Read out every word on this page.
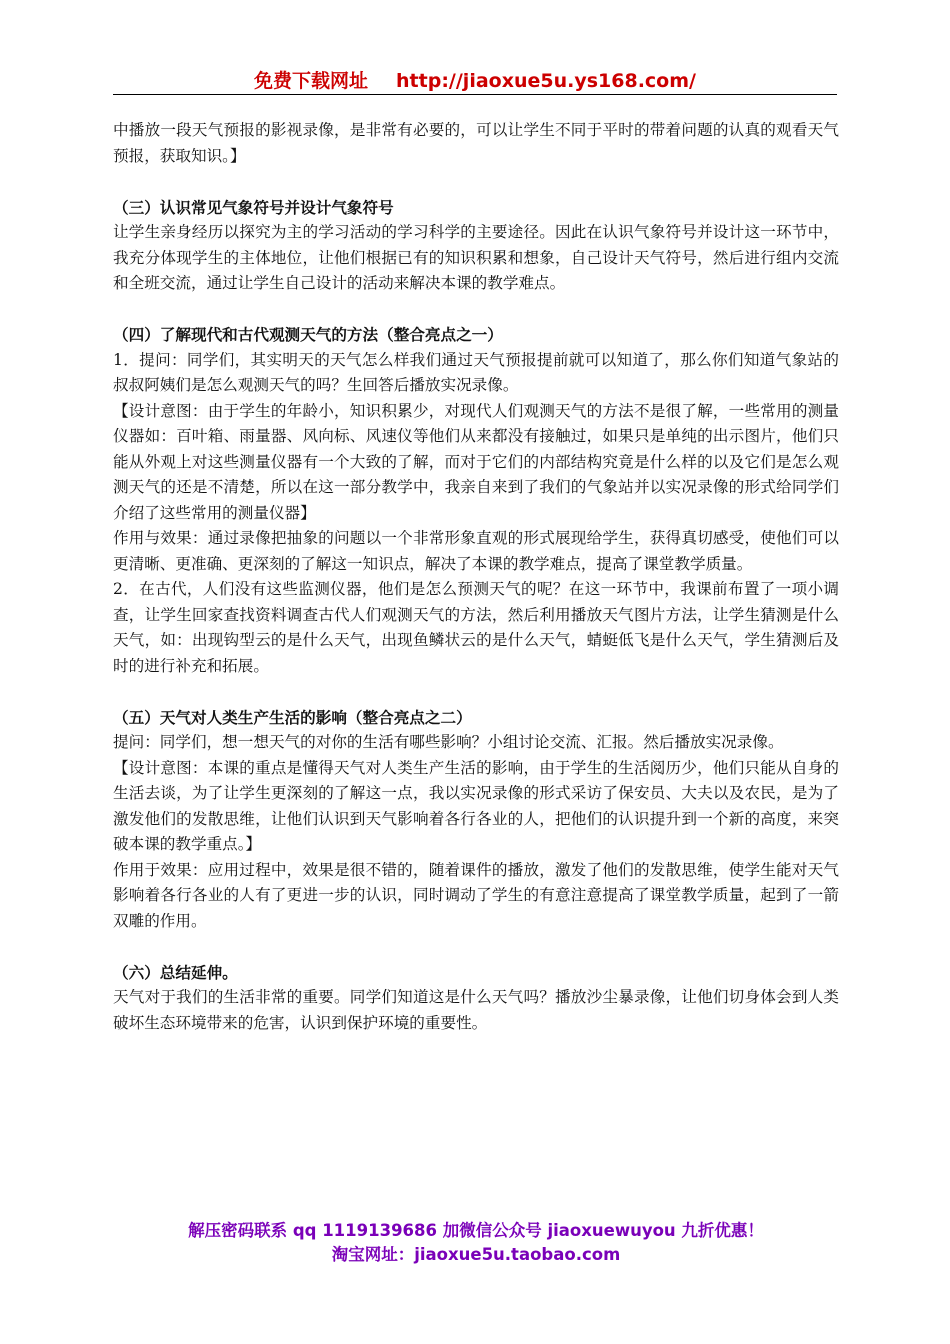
免费下载网址 http://jiaoxue5u.ys168.com/

中播放一段天气预报的影视录像，是非常有必要的，可以让学生不同于平时的带着问题的认真的观看天气预报，获取知识。】

（三）认识常见气象符号并设计气象符号

让学生亲身经历以探究为主的学习活动的学习科学的主要途径。因此在认识气象符号并设计这一环节中，我充分体现学生的主体地位，让他们根据已有的知识积累和想象，自己设计天气符号，然后进行组内交流和全班交流，通过让学生自己设计的活动来解决本课的教学难点。

（四）了解现代和古代观测天气的方法（整合亮点之一）

1．提问：同学们，其实明天的天气怎么样我们通过天气预报提前就可以知道了，那么你们知道气象站的叔叔阿姨们是怎么观测天气的吗？生回答后播放实况录像。

【设计意图：由于学生的年龄小，知识积累少，对现代人们观测天气的方法不是很了解，一些常用的测量仪器如：百叶箱、雨量器、风向标、风速仪等他们从来都没有接触过，如果只是单纯的出示图片，他们只能从外观上对这些测量仪器有一个大致的了解，而对于它们的内部结构究竟是什么样的以及它们是怎么观测天气的还是不清楚，所以在这一部分教学中，我亲自来到了我们的气象站并以实况录像的形式给同学们介绍了这些常用的测量仪器】

作用与效果：通过录像把抽象的问题以一个非常形象直观的形式展现给学生，获得真切感受，使他们可以更清晰、更准确、更深刻的了解这一知识点，解决了本课的教学难点，提高了课堂教学质量。

2．在古代，人们没有这些监测仪器，他们是怎么预测天气的呢？在这一环节中，我课前布置了一项小调查，让学生回家查找资料调查古代人们观测天气的方法，然后利用播放天气图片方法，让学生猜测是什么天气，如：出现钩型云的是什么天气，出现鱼鳞状云的是什么天气，蜻蜓低飞是什么天气，学生猜测后及时的进行补充和拓展。

（五）天气对人类生产生活的影响（整合亮点之二）

提问：同学们，想一想天气的对你的生活有哪些影响？小组讨论交流、汇报。然后播放实况录像。

【设计意图：本课的重点是懂得天气对人类生产生活的影响，由于学生的生活阅历少，他们只能从自身的生活去谈，为了让学生更深刻的了解这一点，我以实况录像的形式采访了保安员、大夫以及农民，是为了激发他们的发散思维，让他们认识到天气影响着各行各业的人，把他们的认识提升到一个新的高度，来突破本课的教学重点。】

作用于效果：应用过程中，效果是很不错的，随着课件的播放，激发了他们的发散思维，使学生能对天气影响着各行各业的人有了更进一步的认识，同时调动了学生的有意注意提高了课堂教学质量，起到了一箭双雕的作用。

（六）总结延伸。

天气对于我们的生活非常的重要。同学们知道这是什么天气吗？播放沙尘暴录像，让他们切身体会到人类破坏生态环境带来的危害，认识到保护环境的重要性。

解压密码联系 qq 1119139686 加微信公众号 jiaoxuewuyou 九折优惠！
淘宝网址：jiaoxue5u.taobao.com
